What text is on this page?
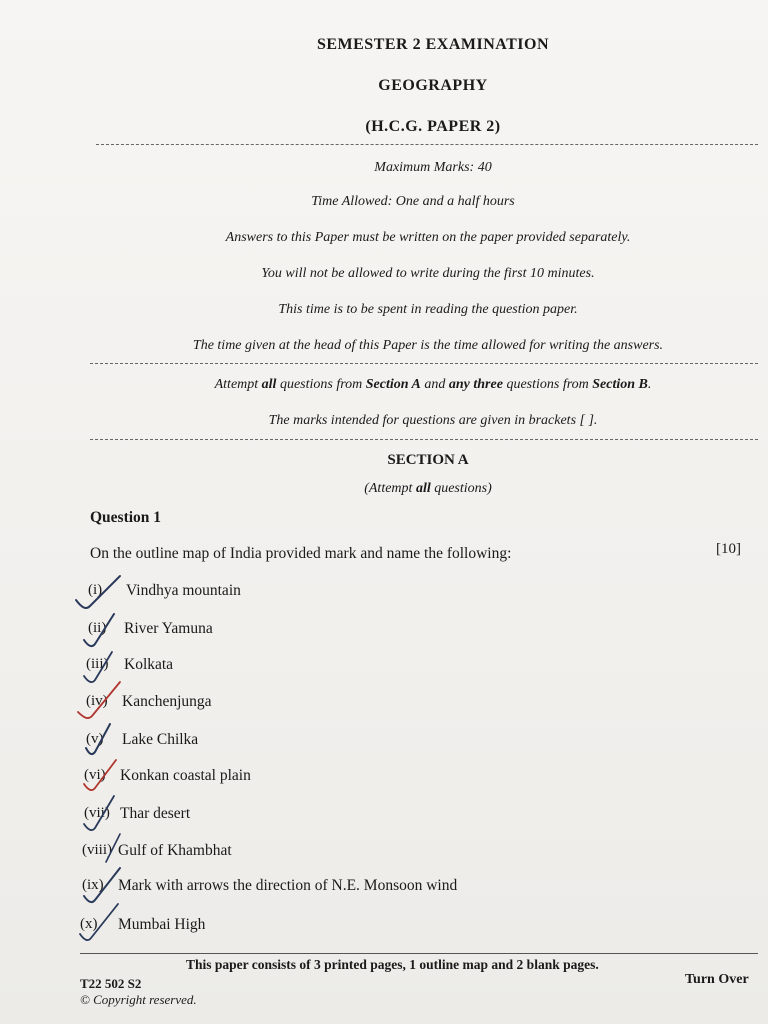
SEMESTER 2 EXAMINATION
GEOGRAPHY
(H.C.G. PAPER 2)
Maximum Marks: 40
Time Allowed: One and a half hours
Answers to this Paper must be written on the paper provided separately.
You will not be allowed to write during the first 10 minutes.
This time is to be spent in reading the question paper.
The time given at the head of this Paper is the time allowed for writing the answers.
Attempt all questions from Section A and any three questions from Section B.
The marks intended for questions are given in brackets [ ].
SECTION A
(Attempt all questions)
Question 1
On the outline map of India provided mark and name the following:	[10]
(i) Vindhya mountain
(ii) River Yamuna
(iii) Kolkata
(iv) Kanchenjunga
(v) Lake Chilka
(vi) Konkan coastal plain
(vii) Thar desert
(viii) Gulf of Khambhat
(ix) Mark with arrows the direction of N.E. Monsoon wind
(x) Mumbai High
This paper consists of 3 printed pages, 1 outline map and 2 blank pages.
T22 502 S2
© Copyright reserved.
Turn Over
